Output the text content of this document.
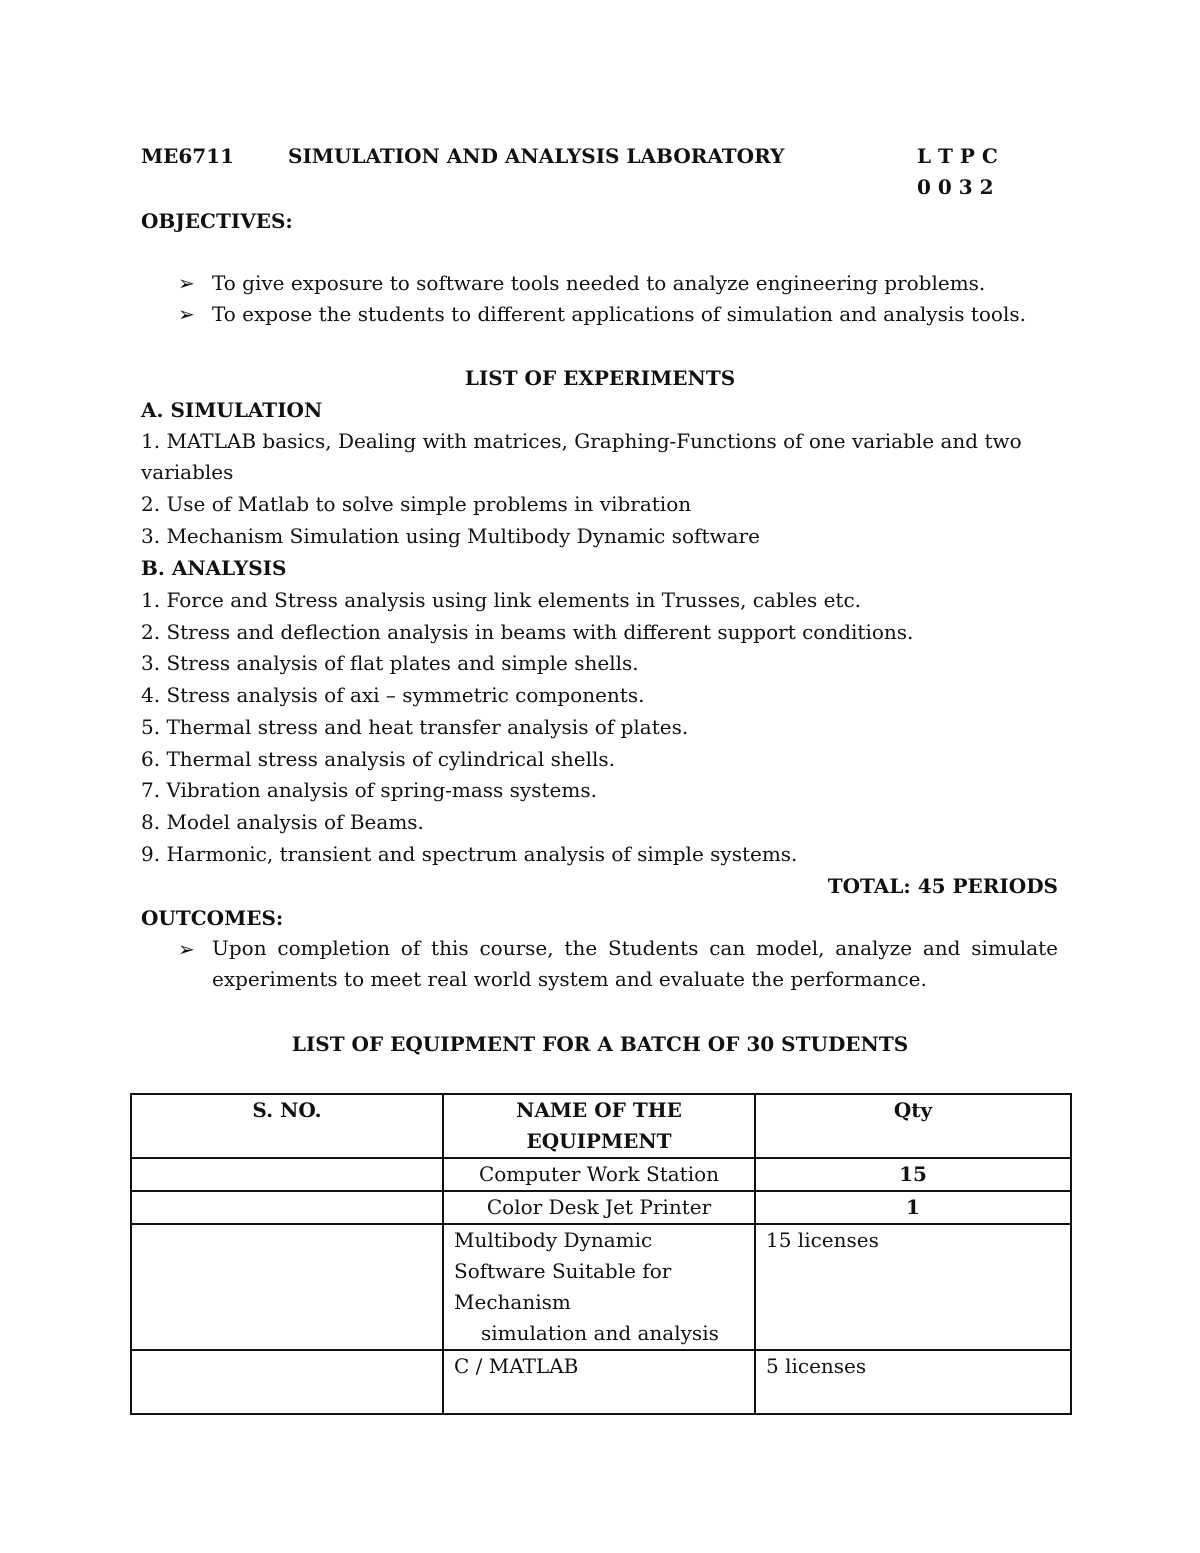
ME6711	SIMULATION AND ANALYSIS LABORATORY	L T P C
0 0 3 2
OBJECTIVES:
➢ To give exposure to software tools needed to analyze engineering problems.
➢ To expose the students to different applications of simulation and analysis tools.
LIST OF EXPERIMENTS
A. SIMULATION
1. MATLAB basics, Dealing with matrices, Graphing-Functions of one variable and two
variables
2. Use of Matlab to solve simple problems in vibration
3. Mechanism Simulation using Multibody Dynamic software
B. ANALYSIS
1. Force and Stress analysis using link elements in Trusses, cables etc.
2. Stress and deflection analysis in beams with different support conditions.
3. Stress analysis of flat plates and simple shells.
4. Stress analysis of axi – symmetric components.
5. Thermal stress and heat transfer analysis of plates.
6. Thermal stress analysis of cylindrical shells.
7. Vibration analysis of spring-mass systems.
8. Model analysis of Beams.
9. Harmonic, transient and spectrum analysis of simple systems.
TOTAL: 45 PERIODS
OUTCOMES:
➢ Upon completion of this course, the Students can model, analyze and simulate experiments to meet real world system and evaluate the performance.
LIST OF EQUIPMENT FOR A BATCH OF 30 STUDENTS
S. NO.	NAME OF THE EQUIPMENT	Qty
	Computer Work Station	15
	Color Desk Jet Printer	1

	Multibody Dynamic
Software Suitable for
Mechanism
simulation and analysis	15 licenses
	C / MATLAB	5 licenses
